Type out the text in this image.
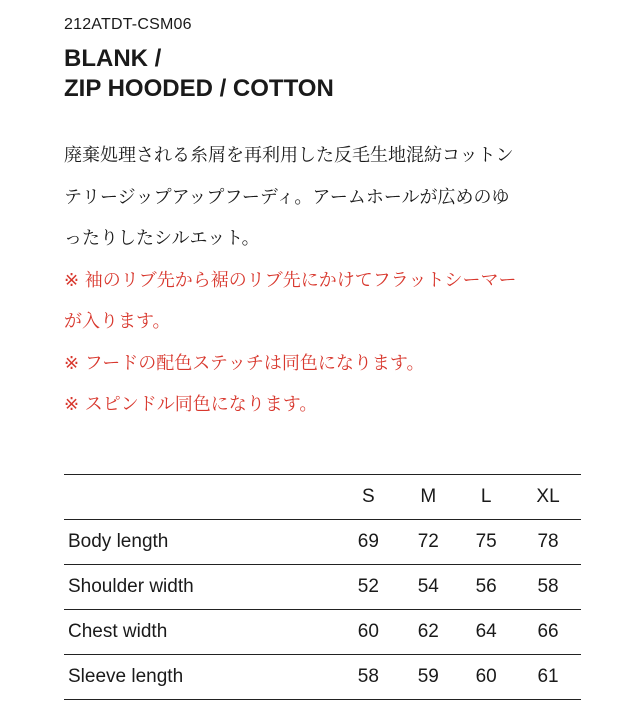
212ATDT-CSM06
BLANK /
ZIP HOODED / COTTON
廃棄処理される糸屑を再利用した反毛生地混紡コットン
テリージップアップフーディ。アームホールが広めのゆ
ったりしたシルエット。
※ 袖のリブ先から裾のリブ先にかけてフラットシーマー
が入ります。
※ フードの配色ステッチは同色になります。
※ スピンドル同色になります。
	S	M	L	XL
Body length	69	72	75	78
Shoulder width	52	54	56	58
Chest width	60	62	64	66
Sleeve length	58	59	60	61
